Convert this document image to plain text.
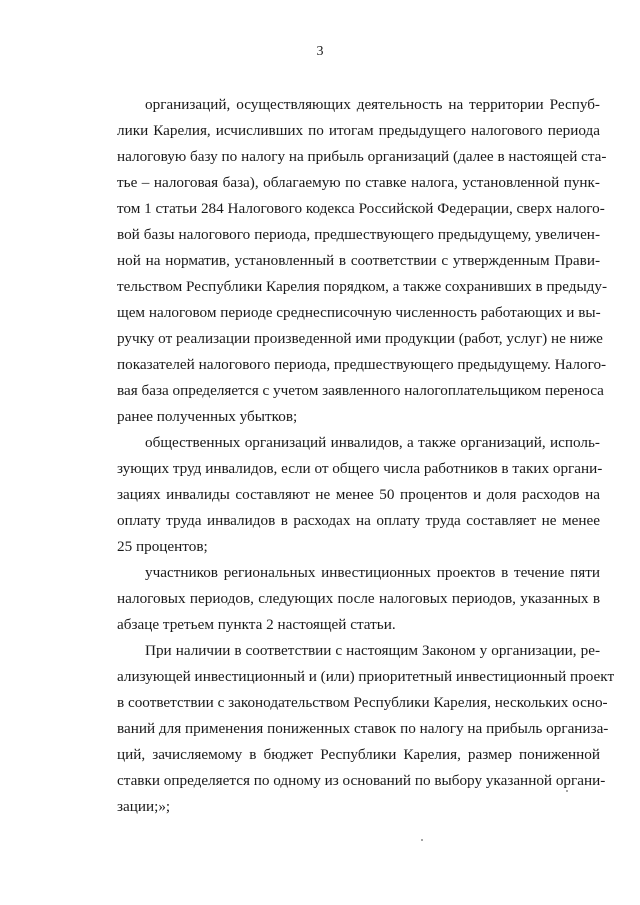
3
организаций, осуществляющих деятельность на территории Респуб-
лики Карелия, исчисливших по итогам предыдущего налогового периода
налоговую базу по налогу на прибыль организаций (далее в настоящей ста-
тье – налоговая база), облагаемую по ставке налога, установленной пунк-
том 1 статьи 284 Налогового кодекса Российской Федерации, сверх налого-
вой базы налогового периода, предшествующего предыдущему, увеличен-
ной на норматив, установленный в соответствии с утвержденным Прави-
тельством Республики Карелия порядком, а также сохранивших в предыду-
щем налоговом периоде среднесписочную численность работающих и вы-
ручку от реализации произведенной ими продукции (работ, услуг) не ниже
показателей налогового периода, предшествующего предыдущему. Налого-
вая база определяется с учетом заявленного налогоплательщиком переноса
ранее полученных убытков;
общественных организаций инвалидов, а также организаций, исполь-
зующих труд инвалидов, если от общего числа работников в таких органи-
зациях инвалиды составляют не менее 50 процентов и доля расходов на
оплату труда инвалидов в расходах на оплату труда составляет не менее
25 процентов;
участников региональных инвестиционных проектов в течение пяти
налоговых периодов, следующих после налоговых периодов, указанных в
абзаце третьем пункта 2 настоящей статьи.
При наличии в соответствии с настоящим Законом у организации, ре-
ализующей инвестиционный и (или) приоритетный инвестиционный проект
в соответствии с законодательством Республики Карелия, нескольких осно-
ваний для применения пониженных ставок по налогу на прибыль организа-
ций, зачисляемому в бюджет Республики Карелия, размер пониженной
ставки определяется по одному из оснований по выбору указанной органи-
зации;»;
